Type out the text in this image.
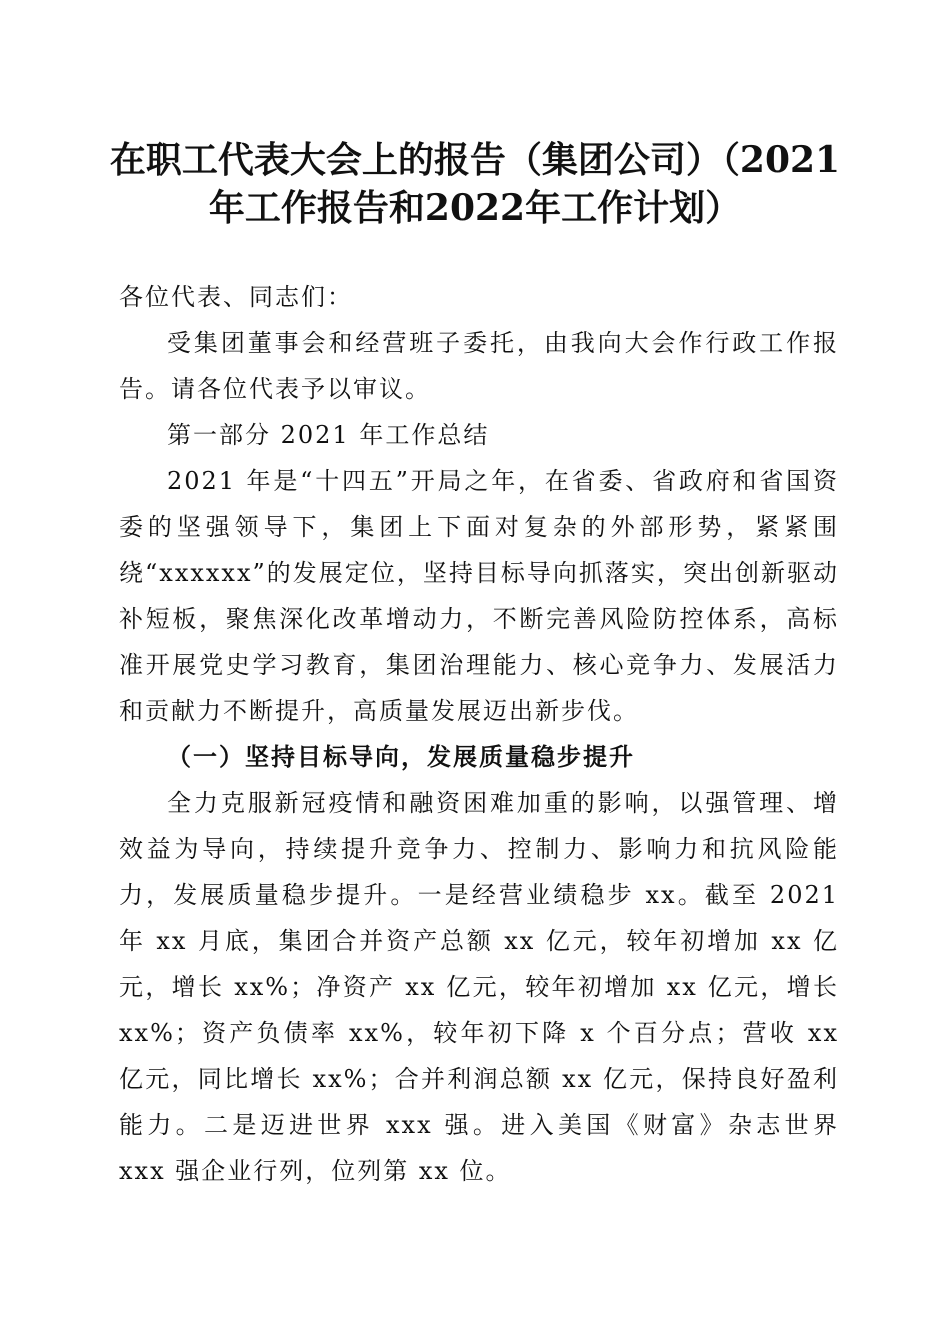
在职工代表大会上的报告（集团公司）（2021
年工作报告和2022年工作计划）

各位代表、同志们：

受集团董事会和经营班子委托，由我向大会作行政工作报告。请各位代表予以审议。

第一部分 2021 年工作总结

2021 年是“十四五”开局之年，在省委、省政府和省国资委的坚强领导下，集团上下面对复杂的外部形势，紧紧围绕“xxxxxx”的发展定位，坚持目标导向抓落实，突出创新驱动补短板，聚焦深化改革增动力，不断完善风险防控体系，高标准开展党史学习教育，集团治理能力、核心竞争力、发展活力和贡献力不断提升，高质量发展迈出新步伐。

（一）坚持目标导向，发展质量稳步提升

全力克服新冠疫情和融资困难加重的影响，以强管理、增效益为导向，持续提升竞争力、控制力、影响力和抗风险能力，发展质量稳步提升。一是经营业绩稳步 xx。截至 2021 年 xx 月底，集团合并资产总额 xx 亿元，较年初增加 xx 亿元，增长 xx%；净资产 xx 亿元，较年初增加 xx 亿元，增长 xx%；资产负债率 xx%，较年初下降 x 个百分点；营收 xx 亿元，同比增长 xx%；合并利润总额 xx 亿元，保持良好盈利能力。二是迈进世界 xxx 强。进入美国《财富》杂志世界 xxx 强企业行列，位列第 xx 位。
